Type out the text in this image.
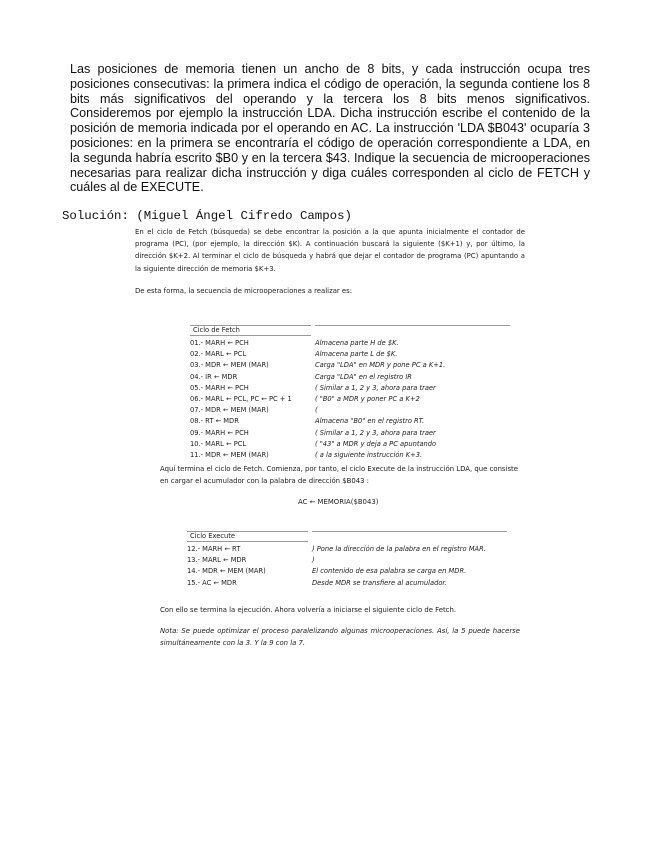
Las posiciones de memoria tienen un ancho de 8 bits, y cada instrucción ocupa tres posiciones consecutivas: la primera indica el código de operación, la segunda contiene los 8 bits más significativos del operando y la tercera los 8 bits menos significativos. Consideremos por ejemplo la instrucción LDA. Dicha instrucción escribe el contenido de la posición de memoria indicada por el operando en AC. La instrucción 'LDA $B043' ocuparía 3 posiciones: en la primera se encontraría el código de operación correspondiente a LDA, en la segunda habría escrito $B0 y en la tercera $43. Indique la secuencia de microoperaciones necesarias para realizar dicha instrucción y diga cuáles corresponden al ciclo de FETCH y cuáles al de EXECUTE.
Solución: (Miguel Ángel Cifredo Campos)
En el ciclo de Fetch (búsqueda) se debe encontrar la posición a la que apunta inicialmente el contador de programa (PC), (por ejemplo, la dirección $K). A continuación buscará la siguiente ($K+1) y, por último, la dirección $K+2. Al terminar el ciclo de búsqueda y habrá que dejar el contador de programa (PC) apuntando a la siguiente dirección de memoria $K+3.
De esta forma, la secuencia de microoperaciones a realizar es:
Ciclo de Fetch
01.- MARH ← PCH	Almacena parte H de $K.
02.- MARL ← PCL	Almacena parte L de $K.
03.- MDR ← MEM (MAR)	Carga "LDA" en MDR y pone PC a K+1.
04.- IR ← MDR	Carga "LDA" en el registro IR
05.- MARH ← PCH	( Similar a 1, 2 y 3, ahora para traer
06.- MARL ← PCL, PC ← PC + 1	( "B0" a MDR y poner PC a K+2
07.- MDR ← MEM (MAR)	(
08.- RT ← MDR	Almacena "B0" en el registro RT.
09.- MARH ← PCH	( Similar a 1, 2 y 3, ahora para traer
10.- MARL ← PCL	( "43" a MDR y deja a PC apuntando
11.- MDR ← MEM (MAR)	( a la siguiente instrucción K+3.
Aquí termina el ciclo de Fetch. Comienza, por tanto, el ciclo Execute de la instrucción LDA, que consiste en cargar el acumulador con la palabra de dirección $B043 :
AC ← MEMORIA($B043)
Ciclo Execute
12.- MARH ← RT	) Pone la dirección de la palabra en el registro MAR.
13.- MARL ← MDR	)
14.- MDR ← MEM (MAR)	El contenido de esa palabra se carga en MDR.
15.- AC ← MDR	Desde MDR se transfiere al acumulador.
Con ello se termina la ejecución. Ahora volvería a iniciarse el siguiente ciclo de Fetch.
Nota: Se puede optimizar el proceso paralelizando algunas microoperaciones. Así, la 5 puede hacerse simultáneamente con la 3. Y la 9 con la 7.
